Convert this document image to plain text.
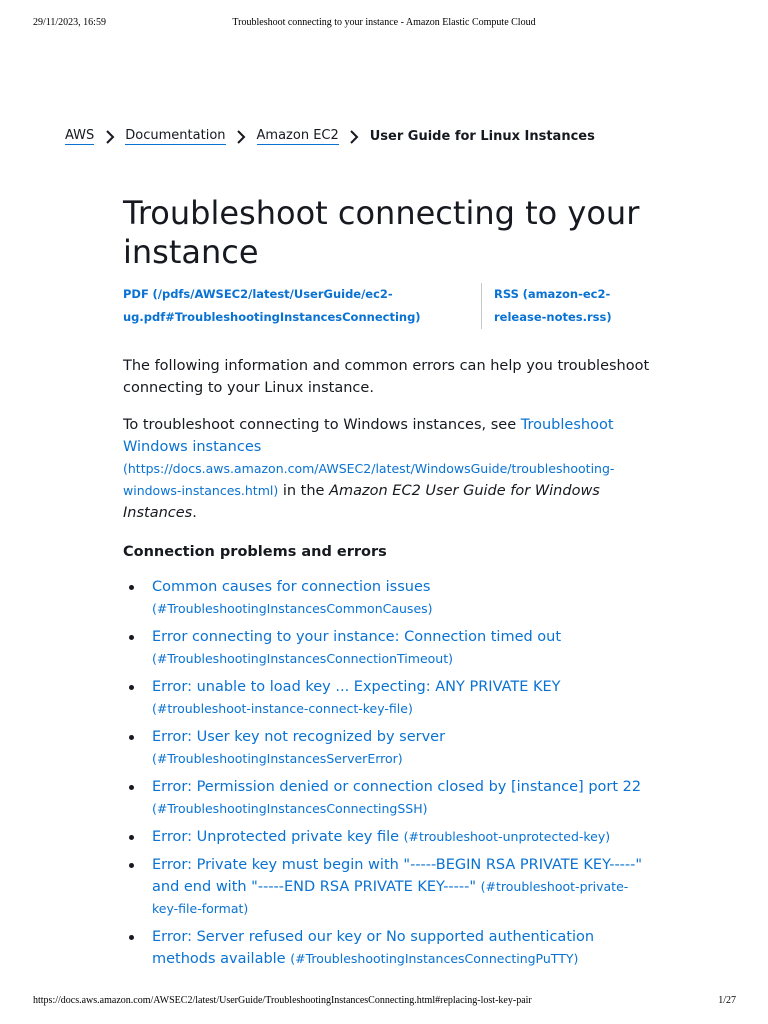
29/11/2023, 16:59	Troubleshoot connecting to your instance - Amazon Elastic Compute Cloud
AWS Documentation Amazon EC2 User Guide for Linux Instances
Troubleshoot connecting to your instance
PDF (/pdfs/AWSEC2/latest/UserGuide/ec2-ug.pdf#TroubleshootingInstancesConnecting)
RSS (amazon-ec2-release-notes.rss)

The following information and common errors can help you troubleshoot connecting to your Linux instance.

To troubleshoot connecting to Windows instances, see Troubleshoot Windows instances (https://docs.aws.amazon.com/AWSEC2/latest/WindowsGuide/troubleshooting-windows-instances.html) in the Amazon EC2 User Guide for Windows Instances.

Connection problems and errors
Common causes for connection issues (#TroubleshootingInstancesCommonCauses)
Error connecting to your instance: Connection timed out (#TroubleshootingInstancesConnectionTimeout)
Error: unable to load key ... Expecting: ANY PRIVATE KEY (#troubleshoot-instance-connect-key-file)
Error: User key not recognized by server (#TroubleshootingInstancesServerError)
Error: Permission denied or connection closed by [instance] port 22 (#TroubleshootingInstancesConnectingSSH)
Error: Unprotected private key file (#troubleshoot-unprotected-key)
Error: Private key must begin with "-----BEGIN RSA PRIVATE KEY-----" and end with "-----END RSA PRIVATE KEY-----" (#troubleshoot-private-key-file-format)
Error: Server refused our key or No supported authentication methods available (#TroubleshootingInstancesConnectingPuTTY)
https://docs.aws.amazon.com/AWSEC2/latest/UserGuide/TroubleshootingInstancesConnecting.html#replacing-lost-key-pair	1/27
